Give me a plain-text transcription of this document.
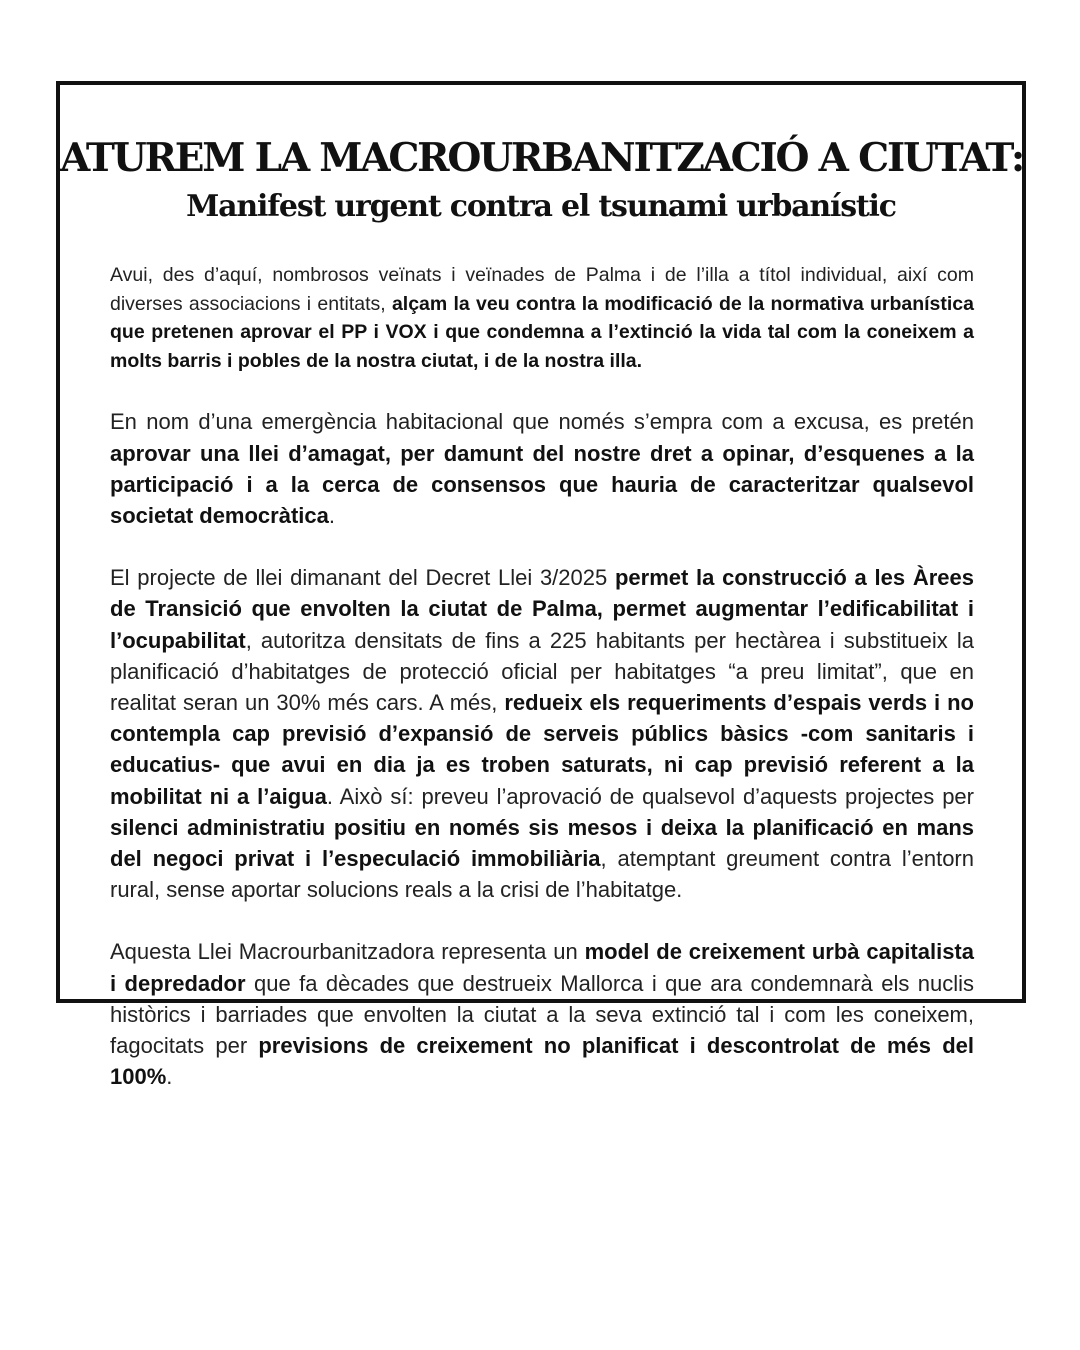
ATUREM LA MACROURBANITZACIÓ A CIUTAT:
Manifest urgent contra el tsunami urbanístic

Avui, des d’aquí, nombrosos veïnats i veïnades de Palma i de l’illa a títol individual, així com diverses associacions i entitats, alçam la veu contra la modificació de la normativa urbanística que pretenen aprovar el PP i VOX i que condemna a l’extinció la vida tal com la coneixem a molts barris i pobles de la nostra ciutat, i de la nostra illa.

En nom d’una emergència habitacional que només s’empra com a excusa, es pretén aprovar una llei d’amagat, per damunt del nostre dret a opinar, d’esquenes a la participació i a la cerca de consensos que hauria de caracteritzar qualsevol societat democràtica.

El projecte de llei dimanant del Decret Llei 3/2025 permet la construcció a les Àrees de Transició que envolten la ciutat de Palma, permet augmentar l’edificabilitat i l’ocupabilitat, autoritza densitats de fins a 225 habitants per hectàrea i substitueix la planificació d’habitatges de protecció oficial per habitatges “a preu limitat”, que en realitat seran un 30% més cars. A més, redueix els requeriments d’espais verds i no contempla cap previsió d’expansió de serveis públics bàsics -com sanitaris i educatius- que avui en dia ja es troben saturats, ni cap previsió referent a la mobilitat ni a l’aigua. Això sí: preveu l’aprovació de qualsevol d’aquests projectes per silenci administratiu positiu en només sis mesos i deixa la planificació en mans del negoci privat i l’especulació immobiliària, atemptant greument contra l’entorn rural, sense aportar solucions reals a la crisi de l’habitatge.

Aquesta Llei Macrourbanitzadora representa un model de creixement urbà capitalista i depredador que fa dècades que destrueix Mallorca i que ara condemnarà els nuclis històrics i barriades que envolten la ciutat a la seva extinció tal i com les coneixem, fagocitats per previsions de creixement no planificat i descontrolat de més del 100%.
